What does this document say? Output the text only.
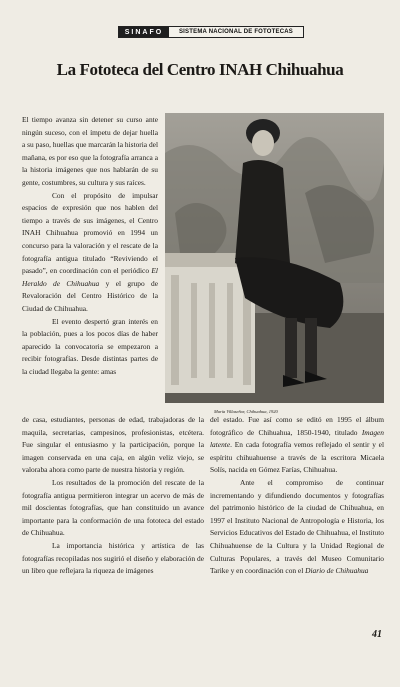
SINAFO	SISTEMA NACIONAL DE FOTOTECAS
La Fototeca del Centro INAH Chihuahua

El tiempo avanza sin detener su curso ante ningún suceso, con el ímpetu de dejar huella a su paso, huellas que marcarán la historia del mañana, es por eso que la fotografía arranca a la historia imágenes que nos hablarán de su gente, costumbres, su cultura y sus raíces.

Con el propósito de impulsar espacios de expresión que nos hablen del tiempo a través de sus imágenes, el Centro INAH Chihuahua promovió en 1994 un concurso para la valoración y el rescate de la fotografía antigua titulado “Reviviendo el pasado”, en coordinación con el periódico El Heraldo de Chihuahua y el grupo de Revaloración del Centro Histórico de la Ciudad de Chihuahua.

El evento despertó gran interés en la población, pues a los pocos días de haber aparecido la convocatoria se empezaron a recibir fotografías. Desde distintas partes de la ciudad llegaba la gente: amas

María Villaseñor, Chihuahua, 1920

de casa, estudiantes, personas de edad, trabajadoras de la maquila, secretarias, campesinos, profesionistas, etcétera. Fue singular el entusiasmo y la participación, porque la imagen conservada en una caja, en algún veliz viejo, se valoraba ahora como parte de nuestra historia y región.

Los resultados de la promoción del rescate de la fotografía antigua permitieron integrar un acervo de más de mil doscientas fotografías, que han constituido un avance importante para la conformación de una fototeca del estado de Chihuahua.

La importancia histórica y artística de las fotografías recopiladas nos sugirió el diseño y elaboración de un libro que reflejara la riqueza de imágenes

del estado. Fue así como se editó en 1995 el álbum fotográfico de Chihuahua, 1850-1940, titulado Imagen latente. En cada fotografía vemos reflejado el sentir y el espíritu chihuahuense a través de la escritora Micaela Solís, nacida en Gómez Farías, Chihuahua.

Ante el compromiso de continuar incrementando y difundiendo documentos y fotografías del patrimonio histórico de la ciudad de Chihuahua, en 1997 el Instituto Nacional de Antropología e Historia, los Servicios Educativos del Estado de Chihuahua, el Instituto Chihuahuense de la Cultura y la Unidad Regional de Culturas Populares, a través del Museo Comunitario Tarike y en coordinación con el Diario de Chihuahua

41
